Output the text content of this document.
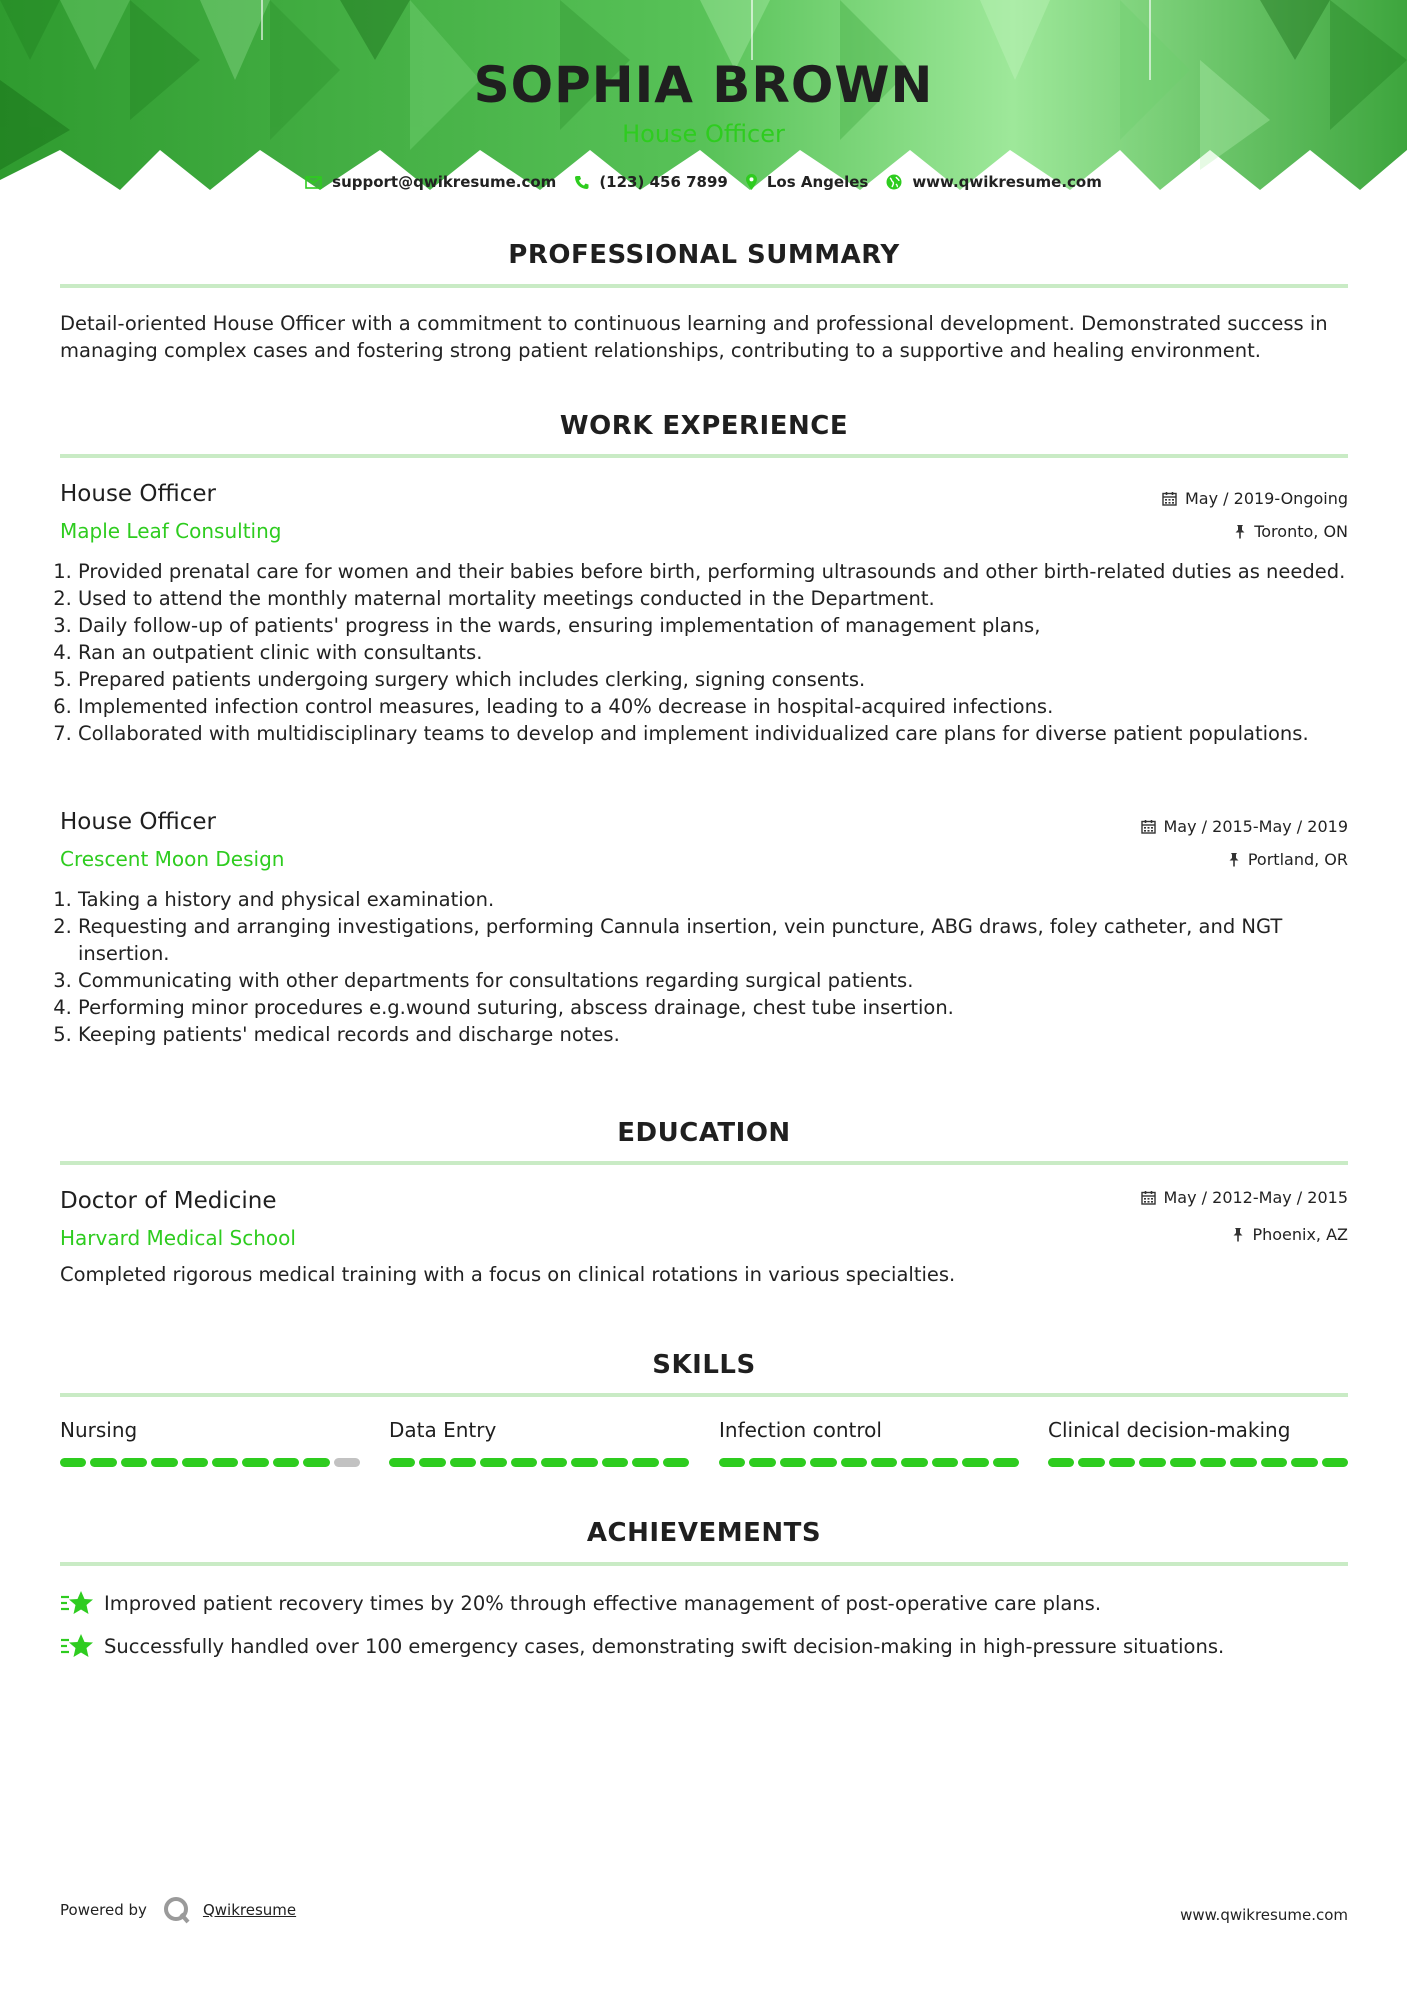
SOPHIA BROWN
House Officer
support@qwikresume.com	(123) 456 7899	Los Angeles	www.qwikresume.com
PROFESSIONAL SUMMARY
Detail-oriented House Officer with a commitment to continuous learning and professional development. Demonstrated success in managing complex cases and fostering strong patient relationships, contributing to a supportive and healing environment.
WORK EXPERIENCE
House Officer
Maple Leaf Consulting
May / 2019-Ongoing
Toronto, ON
1. Provided prenatal care for women and their babies before birth, performing ultrasounds and other birth-related duties as needed.
2. Used to attend the monthly maternal mortality meetings conducted in the Department.
3. Daily follow-up of patients' progress in the wards, ensuring implementation of management plans,
4. Ran an outpatient clinic with consultants.
5. Prepared patients undergoing surgery which includes clerking, signing consents.
6. Implemented infection control measures, leading to a 40% decrease in hospital-acquired infections.
7. Collaborated with multidisciplinary teams to develop and implement individualized care plans for diverse patient populations.
House Officer
Crescent Moon Design
May / 2015-May / 2019
Portland, OR
1. Taking a history and physical examination.
2. Requesting and arranging investigations, performing Cannula insertion, vein puncture, ABG draws, foley catheter, and NGT insertion.
3. Communicating with other departments for consultations regarding surgical patients.
4. Performing minor procedures e.g.wound suturing, abscess drainage, chest tube insertion.
5. Keeping patients' medical records and discharge notes.
EDUCATION
Doctor of Medicine
Harvard Medical School
May / 2012-May / 2015
Phoenix, AZ
Completed rigorous medical training with a focus on clinical rotations in various specialties.
SKILLS
Nursing	Data Entry	Infection control	Clinical decision-making
ACHIEVEMENTS
Improved patient recovery times by 20% through effective management of post-operative care plans.
Successfully handled over 100 emergency cases, demonstrating swift decision-making in high-pressure situations.
Powered by	Qwikresume	www.qwikresume.com
